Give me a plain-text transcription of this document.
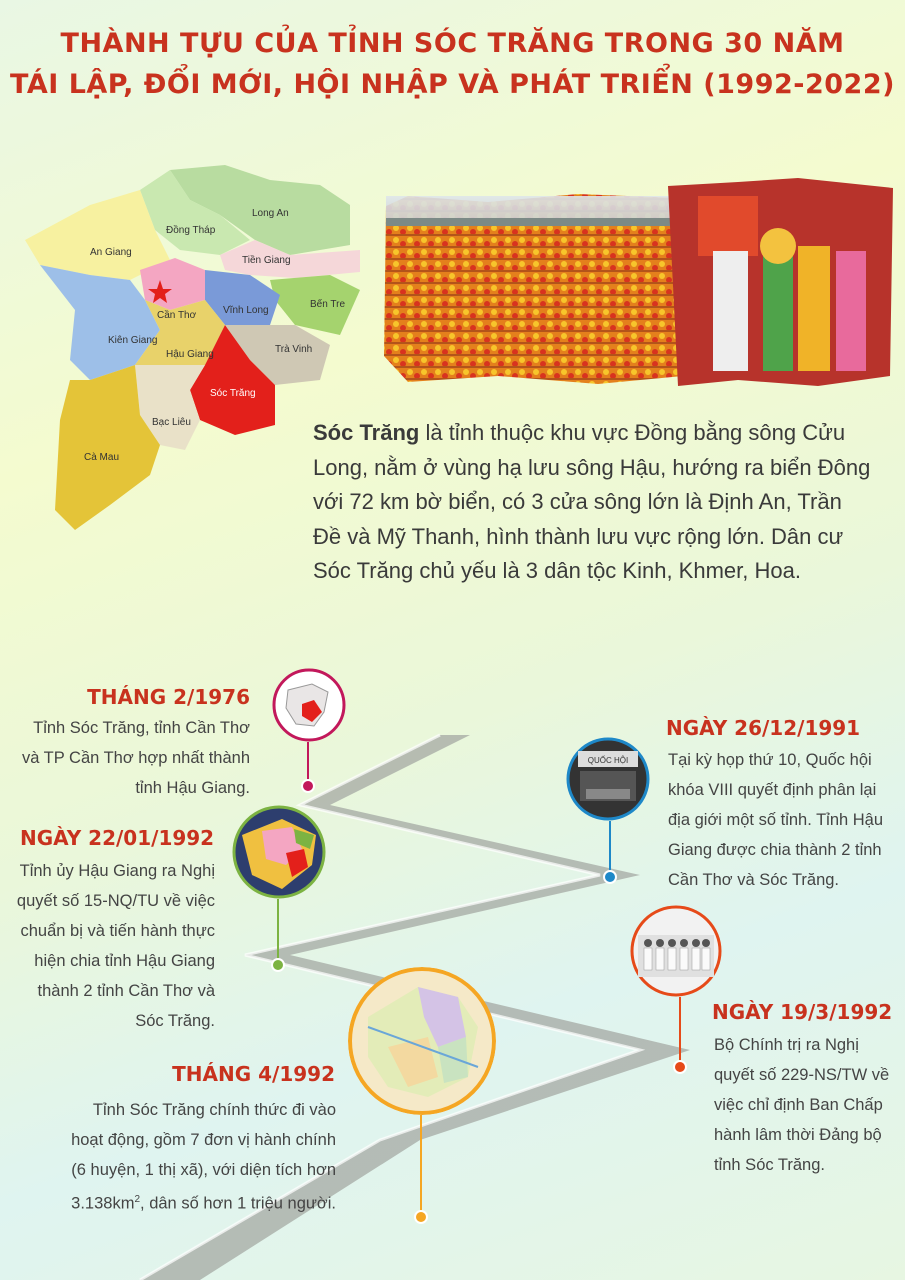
THÀNH TỰU CỦA TỈNH SÓC TRĂNG TRONG 30 NĂM
TÁI LẬP, ĐỔI MỚI, HỘI NHẬP VÀ PHÁT TRIỂN (1992-2022)
Long An
Đồng Tháp
Tiền Giang
An Giang
Bến Tre
Cần Thơ	Vĩnh Long
Kiên Giang
Hậu Giang	Trà Vinh
Sóc Trăng
Bạc Liêu
Cà Mau
Sóc Trăng là tỉnh thuộc khu vực Đồng bằng sông Cửu Long, nằm ở vùng hạ lưu sông Hậu, hướng ra biển Đông với 72 km bờ biển, có 3 cửa sông lớn là Định An, Trần Đề và Mỹ Thanh, hình thành lưu vực rộng lớn. Dân cư Sóc Trăng chủ yếu là 3 dân tộc Kinh, Khmer, Hoa.
THÁNG 2/1976
Tỉnh Sóc Trăng, tỉnh Cần Thơ và TP Cần Thơ hợp nhất thành tỉnh Hậu Giang.
QUỐC HỘI
NGÀY 26/12/1991
Tại kỳ họp thứ 10, Quốc hội khóa VIII quyết định phân lại địa giới một số tỉnh. Tỉnh Hậu Giang được chia thành 2 tỉnh Cần Thơ và Sóc Trăng.
NGÀY 22/01/1992
Tỉnh ủy Hậu Giang ra Nghị quyết số 15-NQ/TU về việc chuẩn bị và tiến hành thực hiện chia tỉnh Hậu Giang thành 2 tỉnh Cần Thơ và Sóc Trăng.	NGÀY 19/3/1992
Bộ Chính trị ra Nghị quyết số 229-NS/TW về việc chỉ định Ban Chấp hành lâm thời Đảng bộ tỉnh Sóc Trăng.
THÁNG 4/1992
Tỉnh Sóc Trăng chính thức đi vào hoạt động, gồm 7 đơn vị hành chính (6 huyện, 1 thị xã), với diện tích hơn $3.138km^2$, dân số hơn 1 triệu người.
